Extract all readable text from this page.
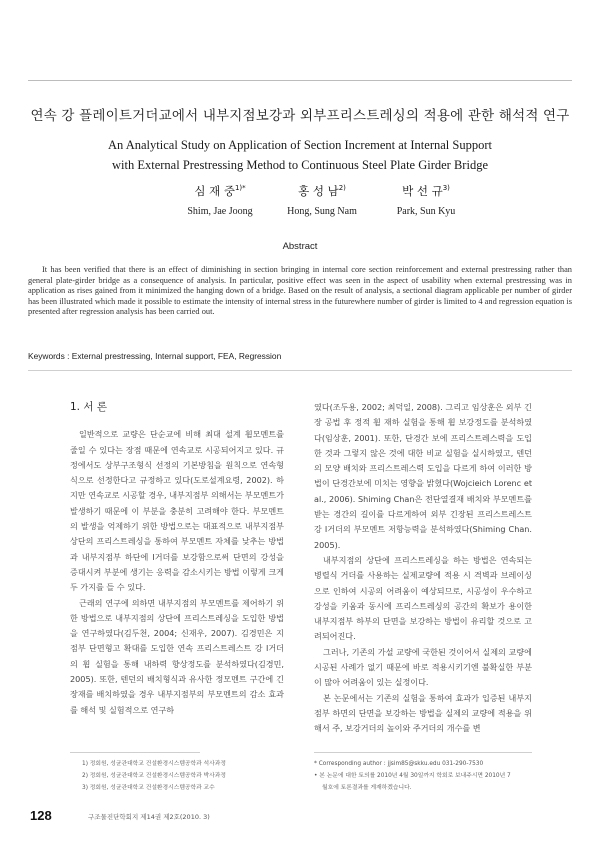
연속 강 플레이트거더교에서 내부지점보강과 외부프리스트레싱의 적용에 관한 해석적 연구
An Analytical Study on Application of Section Increment at Internal Support
with External Prestressing Method to Continuous Steel Plate Girder Bridge
심 재 중$^{1)*}$
Shim, Jae Joong
홍 성 남$^{2)}$
Hong, Sung Nam
박 선 규$^{3)}$
Park, Sun Kyu
Abstract

It has been verified that there is an effect of diminishing in section bringing in internal core section reinforcement and external prestressing rather than general plate-girder bridge as a consequence of analysis. In particular, positive effect was seen in the aspect of usability when external prestressing was in application as rises gained from it minimized the hanging down of a bridge. Based on the result of analysis, a sectional diagram applicable per number of girder has been illustrated which made it possible to estimate the intensity of internal stress in the futurewhere number of girder is limited to 4 and regression equation is presented after regression analysis has been carried out.

Keywords : External prestressing, Internal support, FEA, Regression

1. 서 론

일반적으로 교량은 단순교에 비해 최대 설계 휨모멘트를 줄일 수 있다는 장점 때문에 연속교로 시공되어지고 있다. 규정에서도 상부구조형식 선정의 기본방침을 원칙으로 연속형식으로 선정한다고 규정하고 있다(도로설계요령, 2002). 하지만 연속교로 시공할 경우, 내부지점부 의해서는 부모멘트가 발생하기 때문에 이 부분을 충분히 고려해야 한다. 부모멘트의 발생을 억제하기 위한 방법으로는 대표적으로 내부지점부 상단의 프리스트레싱을 통하여 부모멘트 자체를 낮추는 방법과 내부지점부 하단에 I거더를 보강함으로써 단면의 강성을 증대시켜 부분에 생기는 응력을 감소시키는 방법 이렇게 크게 두 가지를 들 수 있다.

근래의 연구에 의하면 내부지점의 부모멘트를 제어하기 위한 방법으로 내부지점의 상단에 프리스트레싱을 도입한 방법을 연구하였다(김두천, 2004; 신재우, 2007). 김경민은 지점부 단면형고 확대를 도입한 연속 프리스트레스트 강 I거더의 휨 실험을 통해 내하력 향상정도를 분석하였다(김경민, 2005). 또한, 텐던의 배치형식과 유사한 정모멘트 구간에 긴장재를 배치하였을 경우 내부지점부의 부모멘트의 감소 효과를 해석 및 실험적으로 연구하

였다(조두용, 2002; 최덕일, 2008). 그리고 임상훈은 외부 긴장 공법 후 정적 휨 재하 실험을 통해 휨 보강정도를 분석하였다(임상훈, 2001). 또한, 단경간 보에 프리스트레스력을 도입한 것과 그렇지 않은 것에 대한 비교 실험을 실시하였고, 텐던의 모양 배치와 프리스트레스력 도입을 다르게 하여 이러한 방법이 단경간보에 미치는 영향을 밝혔다(Wojcieich Lorenc et al., 2006). Shiming Chan은 전단열결재 배치와 부모멘트를 받는 경간의 길이를 다르게하여 외부 긴장된 프리스트레스트 강 I거더의 부모멘트 저항능력을 분석하였다(Shiming Chan. 2005).

내부지점의 상단에 프리스트레싱을 하는 방법은 연속되는 병렬식 거더를 사용하는 실제교량에 적용 시 격벽과 브레이싱으로 인하여 시공의 어려움이 예상되므로, 시공성이 우수하고 강성을 키움과 동시에 프리스트레싱의 공간의 확보가 용이한 내부지점부 하부의 단면을 보강하는 방법이 유리할 것으로 고려되어진다.

그러나, 기존의 가설 교량에 국한된 것이어서 실제의 교량에 시공된 사례가 없기 때문에 바로 적용시키기엔 불확실한 부분이 많아 어려움이 있는 실정이다.

본 논문에서는 기존의 실험을 통하여 효과가 입증된 내부지점부 하면의 단면을 보강하는 방법을 실제의 교량에 적용을 위해서 주, 보강거더의 높이와 주거더의 개수를 변

1) 정회원, 성균관대학교 건설환경시스템공학과 석사과정
2) 정회원, 성균관대학교 건설환경시스템공학과 박사과정
3) 정회원, 성균관대학교 건설환경시스템공학과 교수
* Corresponding author : jjsim85@skku.edu 031-290-7530
• 본 논문에 대한 토의를 2010년 4월 30일까지 학회로 보내주시면 2010년 7
월호에 토론결과를 게재하겠습니다.
128	구조물진단학회지 제14권 제2호(2010. 3)
